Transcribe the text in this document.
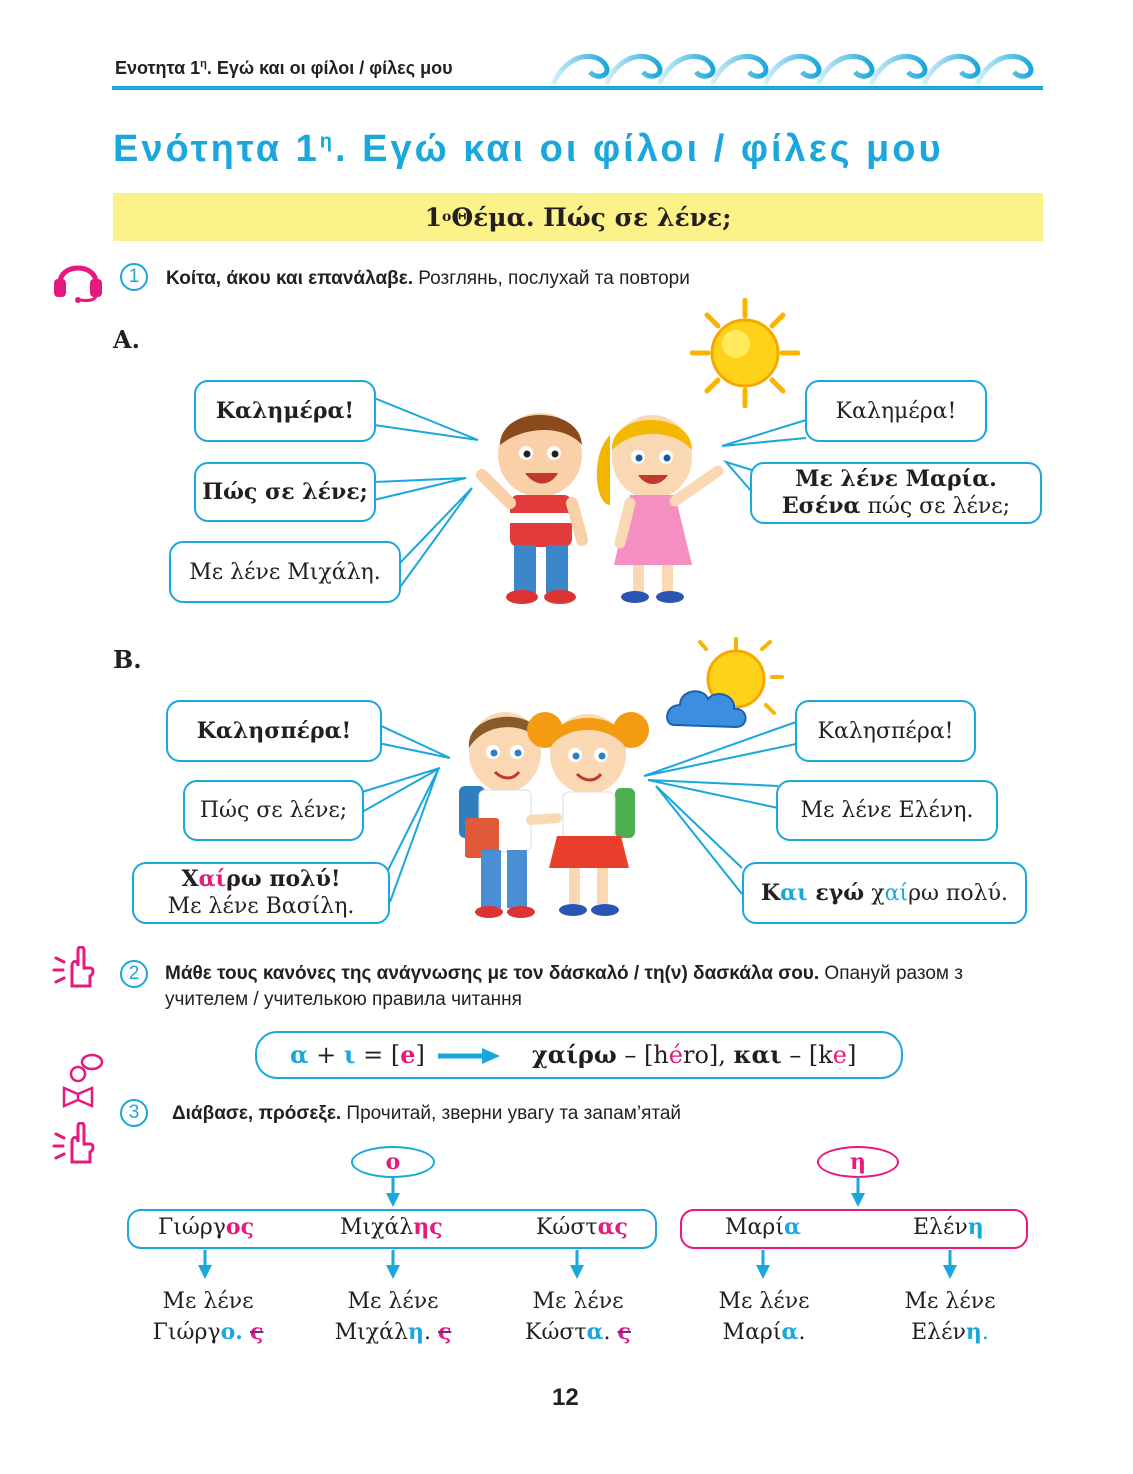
Ενοτητα $1^\eta$. Εγώ και οι φίλοι / φίλες μου
Ενότητα $1^\eta$. Εγώ και οι φίλοι / φίλες μου
1 ο Θέμα. Πώς σε λένε;
1	Κοίτα, άκου και επανάλαβε. Розглянь, послухай та повтори
Α.
Καλημέρα!
Πώς σε λένε;
Με λένε Μιχάλη.
Καλημέρα!
Με λένε Μαρία.
Εσένα πώς σε λένε;
Β.
Καλησπέρα!
Πώς σε λένε;
Χαίρω πολύ!
Με λένε Βασίλη.
Καλησπέρα!
Με λένε Ελένη.
Και εγώ χαίρω πολύ.
2	Μάθε τους κανόνες της ανάγνωσης με τον δάσκαλό / τη(ν) δασκάλα σου. Опануй разом з учителем / учителькою правила читання
α + ι = [e]	χαίρω – [héro], και – [ke]
3	Διάβασε, πρόσεξε. Прочитай, зверни увагу та запам’ятай
ο	η
Γιώργος	Μιχάλης	Κώστας	Μαρία	Ελένη
Με λένε
Γιώργο. ς
Με λένε
Μιχάλη. ς
Με λένε
Κώστα. ς
Με λένε
Μαρία.
Με λένε
Ελένη.
12
